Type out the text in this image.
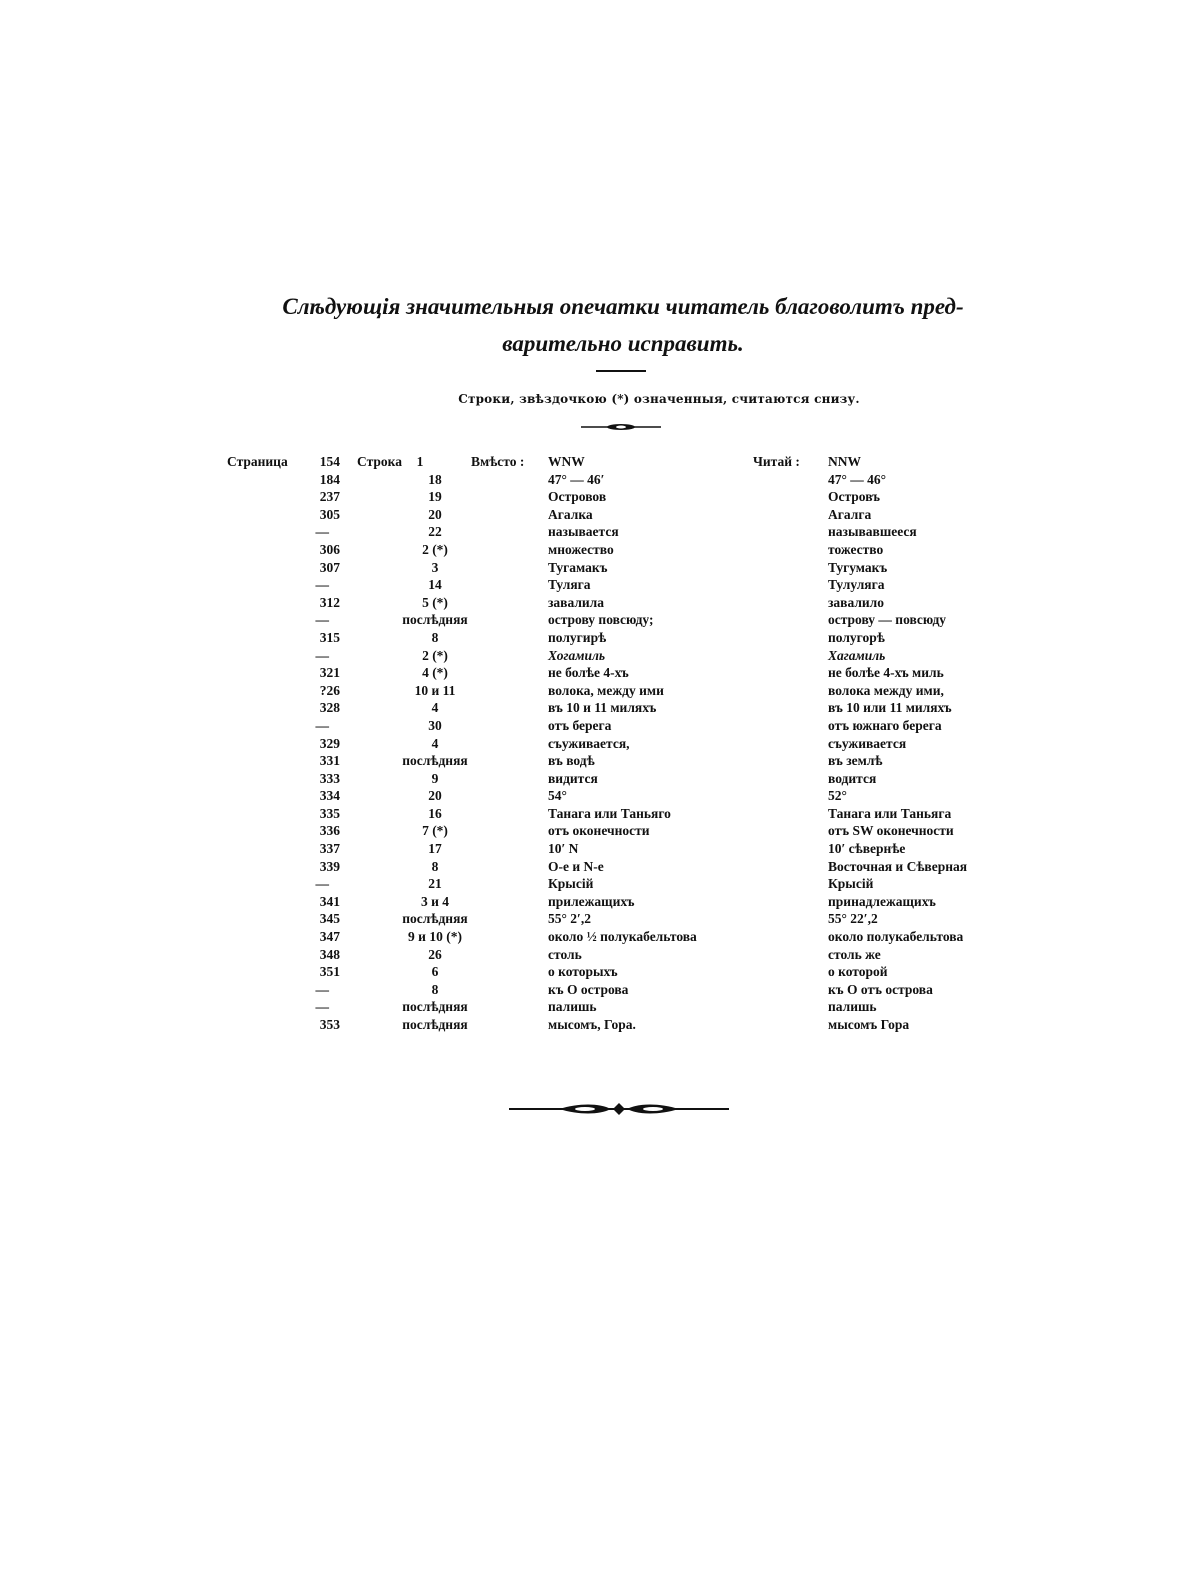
Слѣдующія значительныя опечатки читатель благоволитъ пред-
варительно исправить.
Строки, звѣздочкою (*) означенныя, считаются снизу.
Страница 154 Строка	1	Вмѣсто : WNW	Читай : NNW
184	18	47° — 46′	47° — 46°
237	19	Островов	Островъ
305	20	Агалка	Агалга
—	22	называется	называвшееся
306	2 (*)	множество	тожество
307	3	Тугамакъ	Тугумакъ
—	14	Туляга	Тулуляга
312	5 (*)	завалила	завалило
—	послѣдняя	острову повсюду;	острову — повсюду
315	8	полугирѣ	полугорѣ
—	2 (*)	Хогамиль	Хагамиль
321	4 (*)	не болѣе 4-хъ	не болѣе 4-хъ миль
?26	10 и 11	волока, между ими	волока между ими,
328	4	въ 10 и 11 миляхъ	въ 10 или 11 миляхъ
—	30	отъ берега	отъ южнаго берега
329	4	съуживается,	съуживается
331	послѣдняя	въ водѣ	въ землѣ
333	9	видится	водится
334	20	54°	52°
335	16	Танага или Таньяго	Танага или Таньяга
336	7 (*)	отъ оконечности	отъ SW оконечности
337	17	10′ N	10′ сѣвернѣе
339	8	O-е и N-е	Восточная и Сѣверная
—	21	Крысій	Крысій
341	3 и 4	прилежащихъ	принадлежащихъ
345	послѣдняя	55° 2′,2	55° 22′,2
347	9 и 10 (*)	около ½ полукабельтова	около полукабельтова
348	26	столь	столь же
351	6	о которыхъ	о которой
—	8	къ О острова	къ О отъ острова
—	послѣдняя	палишь	палишь
353	послѣдняя	мысомъ, Гора.	мысомъ Гора
